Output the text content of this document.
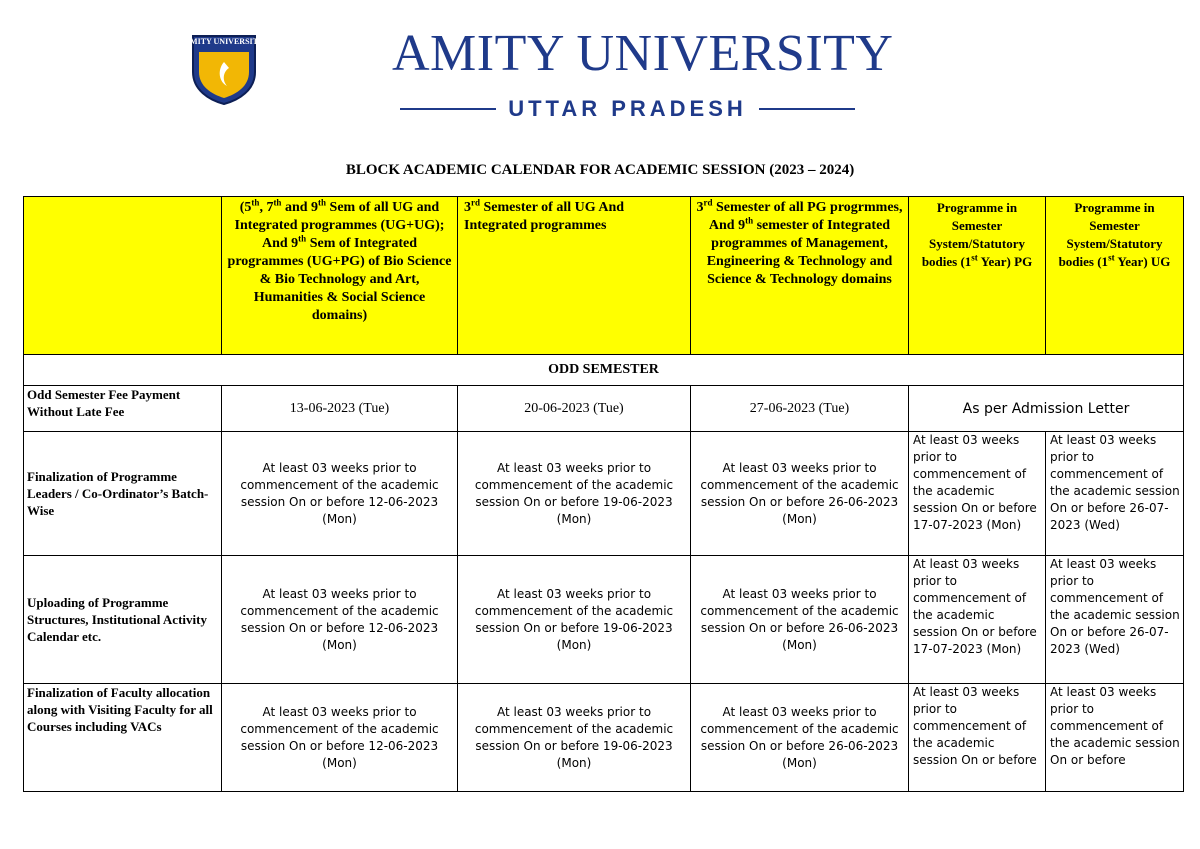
AMITY UNIVERSITY AMITY UNIVERSITY
UTTAR PRADESH
BLOCK ACADEMIC CALENDAR FOR ACADEMIC SESSION (2023 – 2024)
	(5th, 7th and 9th Sem of all UG and Integrated programmes (UG+UG); And 9th Sem of Integrated programmes (UG+PG) of Bio Science & Bio Technology and Art, Humanities & Social Science domains)	3rd Semester of all UG And Integrated programmes	3rd Semester of all PG progrmmes, And 9th semester of Integrated programmes of Management, Engineering & Technology and Science & Technology domains	Programme in Semester System/Statutory bodies (1st Year) PG	Programme in Semester System/Statutory bodies (1st Year) UG
ODD SEMESTER					
Odd Semester Fee Payment Without Late Fee	13-06-2023 (Tue)	20-06-2023 (Tue)	27-06-2023 (Tue)	As per Admission Letter	
Finalization of Programme Leaders / Co-Ordinator’s Batch-Wise	At least 03 weeks prior to commencement of the academic session On or before 12-06-2023 (Mon)	At least 03 weeks prior to commencement of the academic session On or before 19-06-2023 (Mon)	At least 03 weeks prior to commencement of the academic session On or before 26-06-2023 (Mon)	At least 03 weeks prior to commencement of the academic session On or before 17-07-2023 (Mon)	At least 03 weeks prior to commencement of the academic session On or before 26-07-2023 (Wed)
Uploading of Programme Structures, Institutional Activity Calendar etc.	At least 03 weeks prior to commencement of the academic session On or before 12-06-2023 (Mon)	At least 03 weeks prior to commencement of the academic session On or before 19-06-2023 (Mon)	At least 03 weeks prior to commencement of the academic session On or before 26-06-2023 (Mon)	At least 03 weeks prior to commencement of the academic session On or before 17-07-2023 (Mon)	At least 03 weeks prior to commencement of the academic session On or before 26-07-2023 (Wed)
Finalization of Faculty allocation along with Visiting Faculty for all Courses including VACs	At least 03 weeks prior to commencement of the academic session On or before 12-06-2023 (Mon)	At least 03 weeks prior to commencement of the academic session On or before 19-06-2023 (Mon)	At least 03 weeks prior to commencement of the academic session On or before 26-06-2023 (Mon)	At least 03 weeks prior to commencement of the academic session On or before	At least 03 weeks prior to commencement of the academic session On or before
